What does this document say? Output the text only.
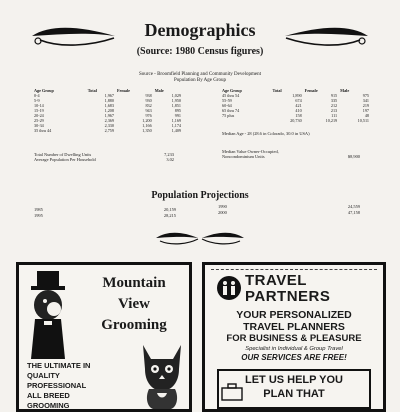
Demographics
(Source: 1980 Census figures)
Source - Broomfield Planning and Community Development
Population By Age Group
Age Group	Total	Female	Male
0-4	1,967	938	1,029
5-9	1,880	930	1,950
10-14	1,683	832	1,851
15-19	1,208	943	895
20-24	1,967	976	991
25-29	2,369	1,200	1,169
30-34	2,330	1,166	1,174
35 thru 44	2,759	1,350	1,409
Age Group	Total	Female	Male
45 thru 54	1,890	915	975
55-59	674	335	341
60-64	421	212	219
65 thru 74	410	213	197
75 plus	158	111	48
	20,730	10,219	10,511
Median Age - 28 (28.6 in Colorado, 30.0 in USA)
Total Number of Dwelling Units	7,233
Average Population Per Household	3.02
Median Value Owner-Occupied,
Noncondominium Units	$8,900
Population Projections
1985	20,159
1995	28,215
1990	24,559
2000	47,158
Mountain
View
Grooming
THE ULTIMATE IN
QUALITY
PROFESSIONAL
ALL BREED
GROOMING
TRAVEL
PARTNERS
YOUR PERSONALIZED
TRAVEL PLANNERS
FOR BUSINESS & PLEASURE
Specialist in Individual & Group Travel
OUR SERVICES ARE FREE!
LET US HELP YOU
PLAN THAT
